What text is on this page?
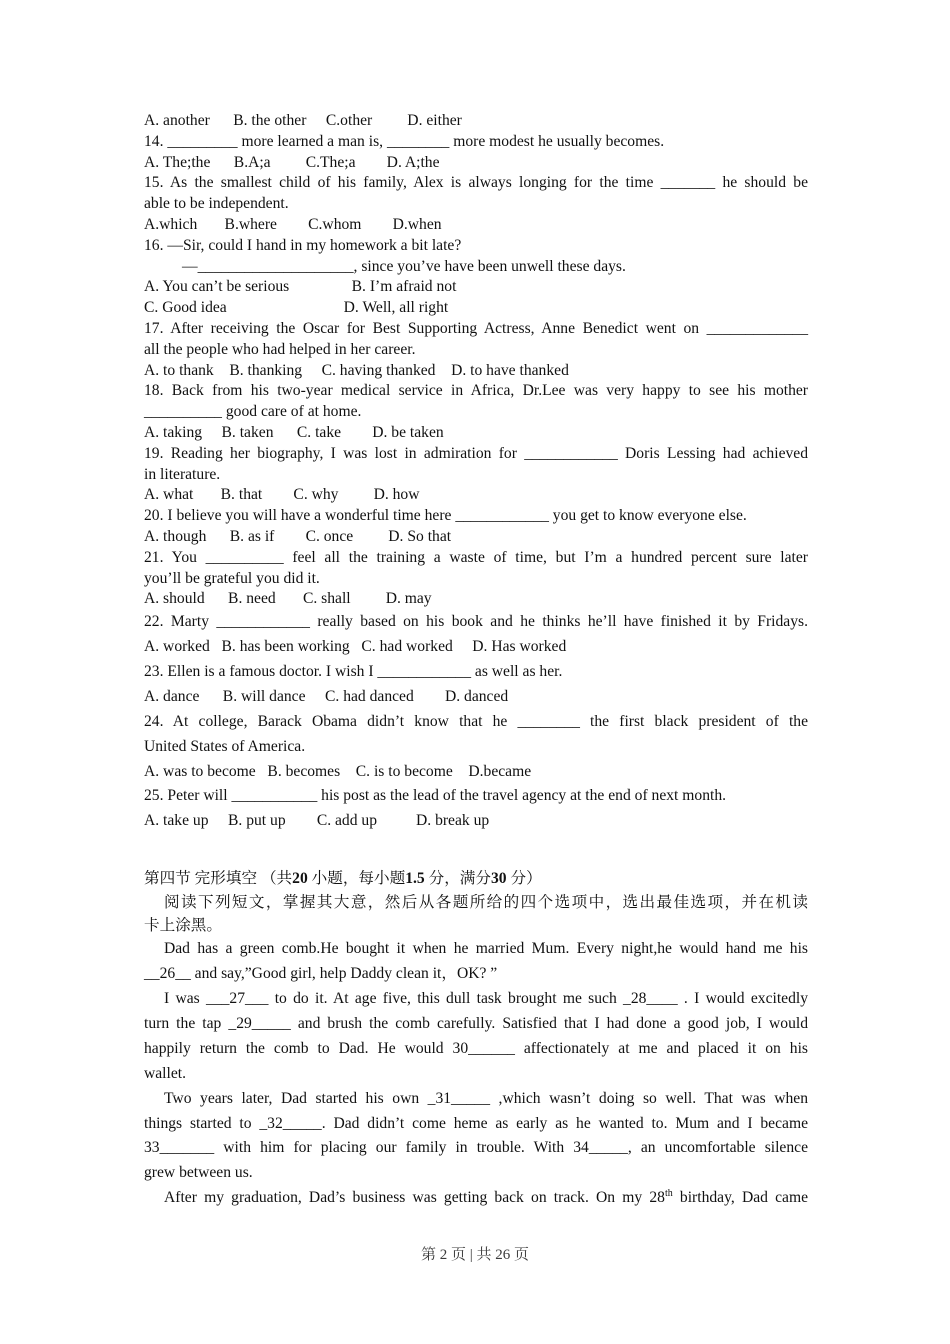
A. another      B. the other     C.other         D. either
14. _________ more learned a man is, ________ more modest he usually becomes.
A. The;the      B.A;a         C.The;a        D. A;the
15. As the smallest child of his family, Alex is always longing for the time _______ he should be
able to be independent.
A.which       B.where        C.whom        D.when
16. —Sir, could I hand in my homework a bit late?
—____________________, since you’ve have been unwell these days.
A. You can’t be serious                B. I’m afraid not
C. Good idea                              D. Well, all right
17. After receiving the Oscar for Best Supporting Actress, Anne Benedict went on _____________
all the people who had helped in her career.
A. to thank    B. thanking     C. having thanked    D. to have thanked
18. Back from his two-year medical service in Africa, Dr.Lee was very happy to see his mother
__________ good care of at home.
A. taking     B. taken      C. take        D. be taken
19. Reading her biography, I was lost in admiration for ____________ Doris Lessing had achieved
in literature.
A. what       B. that        C. why         D. how
20. I believe you will have a wonderful time here ____________ you get to know everyone else.
A. though      B. as if        C. once         D. So that
21. You __________ feel all the training a waste of time, but I’m a hundred percent sure later
you’ll be grateful you did it.
A. should      B. need       C. shall         D. may
22. Marty ____________ really based on his book and he thinks he’ll have finished it by Fridays.
A. worked   B. has been working   C. had worked     D. Has worked
23. Ellen is a famous doctor. I wish I ____________ as well as her.
A. dance      B. will dance     C. had danced        D. danced
24. At college, Barack Obama didn’t know that he ________ the first black president of the
United States of America.
A. was to become   B. becomes    C. is to become    D.became
25. Peter will ___________ his post as the lead of the travel agency at the end of next month.
A. take up     B. put up        C. add up          D. break up
第四节 完形填空 （共20 小题，每小题1.5 分，满分30 分）
阅读下列短文，掌握其大意，然后从各题所给的四个选项中，选出最佳选项，并在机读
卡上涂黑。
Dad has a green comb.He bought it when he married Mum. Every night,he would hand me his
__26__ and say,”Good girl, help Daddy clean it，OK? ”
I was ___27___ to do it. At age five, this dull task brought me such _28____ . I would excitedly
turn the tap _29_____ and brush the comb carefully. Satisfied that I had done a good job, I would
happily return the comb to Dad. He would 30______ affectionately at me and placed it on his
wallet.
Two years later, Dad started his own _31_____ ,which wasn’t doing so well. That was when
things started to _32_____. Dad didn’t come heme as early as he wanted to. Mum and I became
33_______ with him for placing our family in trouble. With 34_____, an uncomfortable silence
grew between us.
After my graduation, Dad’s business was getting back on track. On my 28th birthday, Dad came
第 2 页 | 共 26 页
